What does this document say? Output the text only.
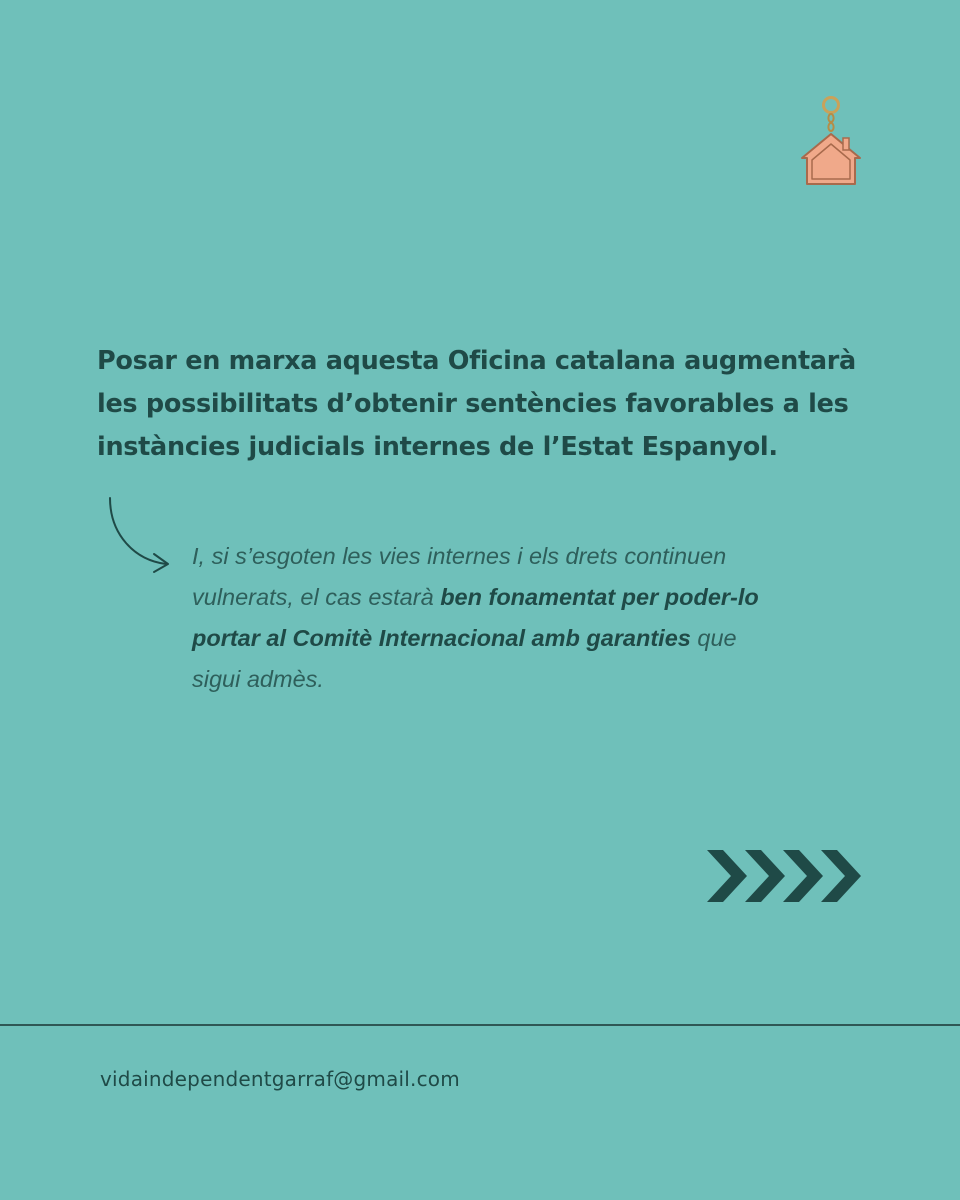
Posar en marxa aquesta Oficina catalana augmentarà
les possibilitats d’obtenir sentències favorables a les
instàncies judicials internes de l’Estat Espanyol.

I, si s’esgoten les vies internes i els drets continuen
vulnerats, el cas estarà ben fonamentat per poder-lo
portar al Comitè Internacional amb garanties que
sigui admès.

vidaindependentgarraf@gmail.com
